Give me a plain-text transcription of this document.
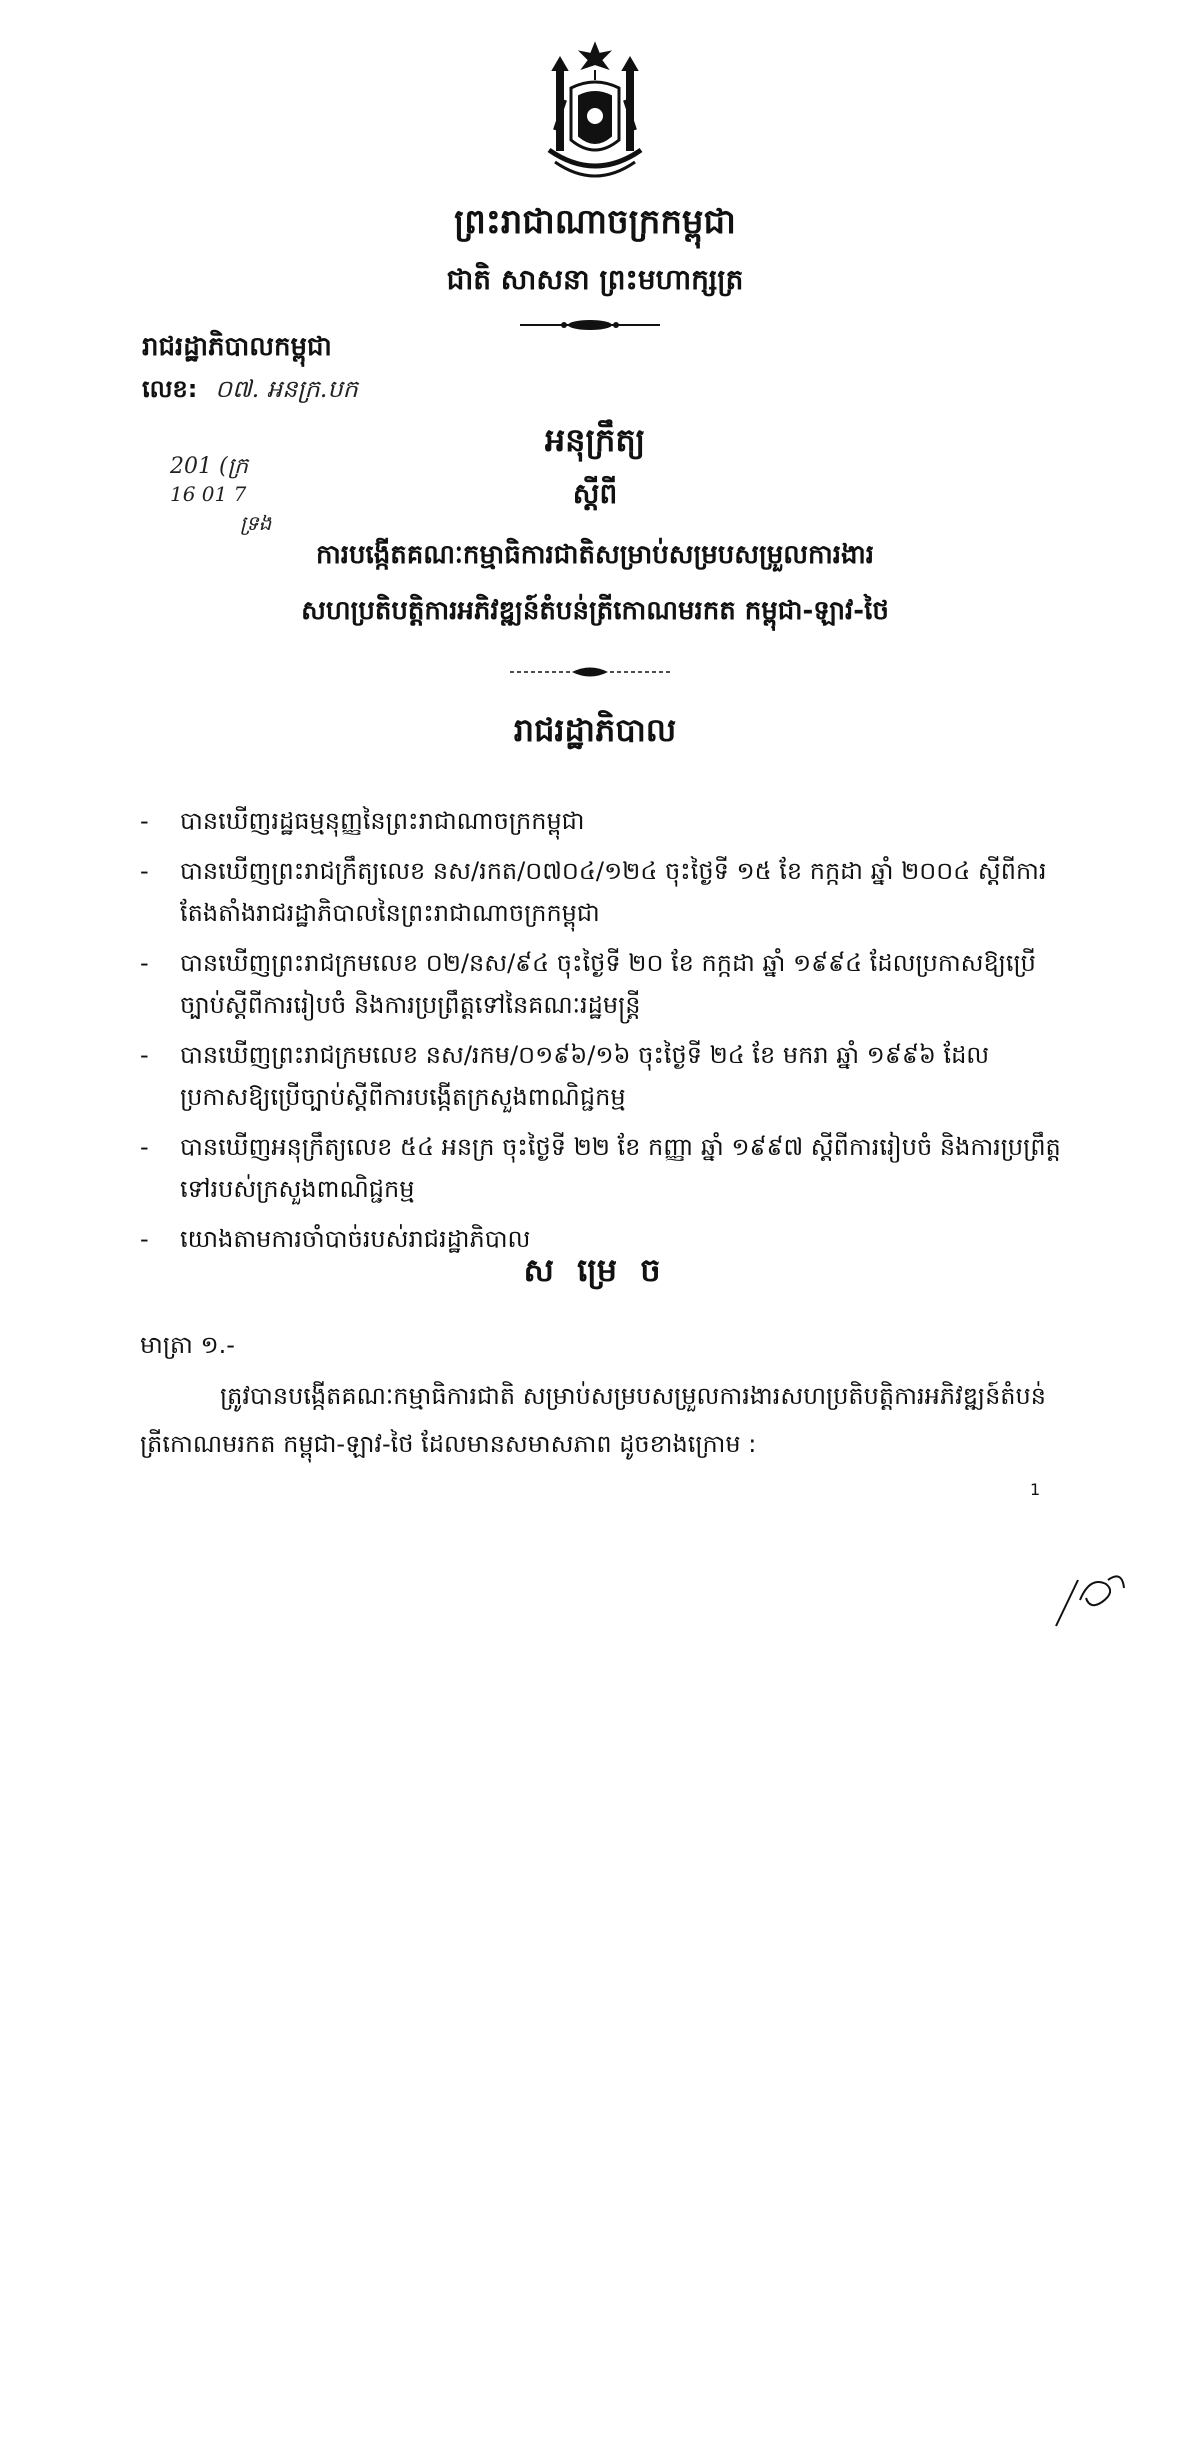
ព្រះរាជាណាចក្រកម្ពុជា
ជាតិ សាសនា ព្រះមហាក្សត្រ
រាជរដ្ឋាភិបាលកម្ពុជា
លេខ: ០៧. អនក្រ.បក
201 (ក្រ
16 01 7
ទ្រង
អនុក្រឹត្យ
ស្តីពី
ការបង្កើតគណៈកម្មាធិការជាតិសម្រាប់សម្របសម្រួលការងារ
សហប្រតិបត្តិការអភិវឌ្ឍន៍តំបន់ត្រីកោណមរកត កម្ពុជា-ឡាវ-ថៃ
រាជរដ្ឋាភិបាល
- បានឃើញរដ្ឋធម្មនុញ្ញនៃព្រះរាជាណាចក្រកម្ពុជា
- បានឃើញព្រះរាជក្រឹត្យលេខ នស/រកត/០៧០៤/១២៤ ចុះថ្ងៃទី ១៥ ខែ កក្កដា ឆ្នាំ ២០០៤ ស្តីពីការតែងតាំងរាជរដ្ឋាភិបាលនៃព្រះរាជាណាចក្រកម្ពុជា
- បានឃើញព្រះរាជក្រមលេខ ០២/នស/៩៤ ចុះថ្ងៃទី ២០ ខែ កក្កដា ឆ្នាំ ១៩៩៤ ដែលប្រកាសឱ្យប្រើច្បាប់ស្តីពីការរៀបចំ និងការប្រព្រឹត្តទៅនៃគណៈរដ្ឋមន្ត្រី
- បានឃើញព្រះរាជក្រមលេខ នស/រកម/០១៩៦/១៦ ចុះថ្ងៃទី ២៤ ខែ មករា ឆ្នាំ ១៩៩៦ ដែលប្រកាសឱ្យប្រើច្បាប់ស្តីពីការបង្កើតក្រសួងពាណិជ្ជកម្ម
- បានឃើញអនុក្រឹត្យលេខ ៥៤ អនក្រ ចុះថ្ងៃទី ២២ ខែ កញ្ញា ឆ្នាំ ១៩៩៧ ស្តីពីការរៀបចំ និងការប្រព្រឹត្តទៅរបស់ក្រសួងពាណិជ្ជកម្ម
- យោងតាមការចាំបាច់របស់រាជរដ្ឋាភិបាល
ស ម្រេ ច
មាត្រា ១.-
ត្រូវបានបង្កើតគណៈកម្មាធិការជាតិ សម្រាប់សម្របសម្រួលការងារសហប្រតិបត្តិការអភិវឌ្ឍន៍តំបន់
ត្រីកោណមរកត កម្ពុជា-ឡាវ-ថៃ ដែលមានសមាសភាព ដូចខាងក្រោម :
1
